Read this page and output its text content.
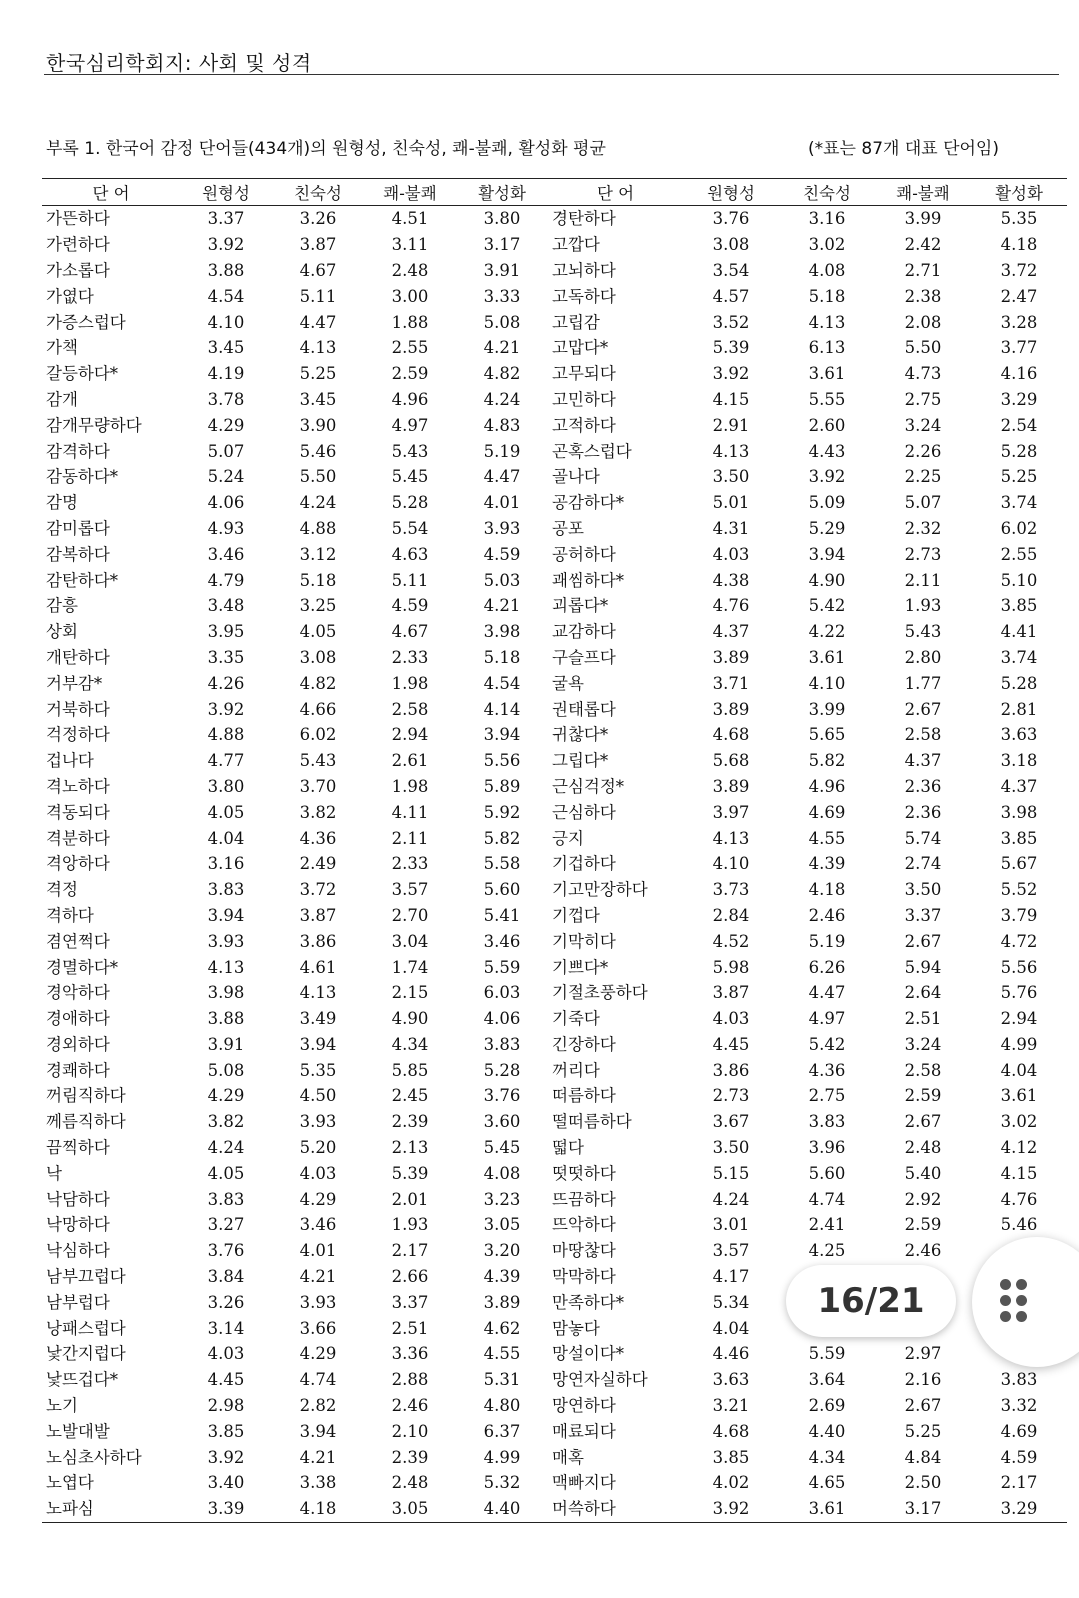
한국심리학회지: 사회 및 성격
부록 1. 한국어 감정 단어들(434개)의 원형성, 친숙성, 쾌-불쾌, 활성화 평균	(*표는 87개 대표 단어임)
단 어	원형성	친숙성	쾌-불쾌	활성화	단 어	원형성	친숙성	쾌-불쾌	활성화
가뜬하다	3.37	3.26	4.51	3.80	경탄하다	3.76	3.16	3.99	5.35
가련하다	3.92	3.87	3.11	3.17	고깝다	3.08	3.02	2.42	4.18
가소롭다	3.88	4.67	2.48	3.91	고뇌하다	3.54	4.08	2.71	3.72
가엾다	4.54	5.11	3.00	3.33	고독하다	4.57	5.18	2.38	2.47
가증스럽다	4.10	4.47	1.88	5.08	고립감	3.52	4.13	2.08	3.28
가책	3.45	4.13	2.55	4.21	고맙다*	5.39	6.13	5.50	3.77
갈등하다*	4.19	5.25	2.59	4.82	고무되다	3.92	3.61	4.73	4.16
감개	3.78	3.45	4.96	4.24	고민하다	4.15	5.55	2.75	3.29
감개무량하다	4.29	3.90	4.97	4.83	고적하다	2.91	2.60	3.24	2.54
감격하다	5.07	5.46	5.43	5.19	곤혹스럽다	4.13	4.43	2.26	5.28
감동하다*	5.24	5.50	5.45	4.47	골나다	3.50	3.92	2.25	5.25
감명	4.06	4.24	5.28	4.01	공감하다*	5.01	5.09	5.07	3.74
감미롭다	4.93	4.88	5.54	3.93	공포	4.31	5.29	2.32	6.02
감복하다	3.46	3.12	4.63	4.59	공허하다	4.03	3.94	2.73	2.55
감탄하다*	4.79	5.18	5.11	5.03	괘씸하다*	4.38	4.90	2.11	5.10
감흥	3.48	3.25	4.59	4.21	괴롭다*	4.76	5.42	1.93	3.85
상회	3.95	4.05	4.67	3.98	교감하다	4.37	4.22	5.43	4.41
개탄하다	3.35	3.08	2.33	5.18	구슬프다	3.89	3.61	2.80	3.74
거부감*	4.26	4.82	1.98	4.54	굴욕	3.71	4.10	1.77	5.28
거북하다	3.92	4.66	2.58	4.14	권태롭다	3.89	3.99	2.67	2.81
걱정하다	4.88	6.02	2.94	3.94	귀찮다*	4.68	5.65	2.58	3.63
겁나다	4.77	5.43	2.61	5.56	그립다*	5.68	5.82	4.37	3.18
격노하다	3.80	3.70	1.98	5.89	근심걱정*	3.89	4.96	2.36	4.37
격동되다	4.05	3.82	4.11	5.92	근심하다	3.97	4.69	2.36	3.98
격분하다	4.04	4.36	2.11	5.82	긍지	4.13	4.55	5.74	3.85
격앙하다	3.16	2.49	2.33	5.58	기겁하다	4.10	4.39	2.74	5.67
격정	3.83	3.72	3.57	5.60	기고만장하다	3.73	4.18	3.50	5.52
격하다	3.94	3.87	2.70	5.41	기껍다	2.84	2.46	3.37	3.79
겸연쩍다	3.93	3.86	3.04	3.46	기막히다	4.52	5.19	2.67	4.72
경멸하다*	4.13	4.61	1.74	5.59	기쁘다*	5.98	6.26	5.94	5.56
경악하다	3.98	4.13	2.15	6.03	기절초풍하다	3.87	4.47	2.64	5.76
경애하다	3.88	3.49	4.90	4.06	기죽다	4.03	4.97	2.51	2.94
경외하다	3.91	3.94	4.34	3.83	긴장하다	4.45	5.42	3.24	4.99
경쾌하다	5.08	5.35	5.85	5.28	꺼리다	3.86	4.36	2.58	4.04
꺼림직하다	4.29	4.50	2.45	3.76	떠름하다	2.73	2.75	2.59	3.61
께름직하다	3.82	3.93	2.39	3.60	떨떠름하다	3.67	3.83	2.67	3.02
끔찍하다	4.24	5.20	2.13	5.45	떫다	3.50	3.96	2.48	4.12
낙	4.05	4.03	5.39	4.08	떳떳하다	5.15	5.60	5.40	4.15
낙담하다	3.83	4.29	2.01	3.23	뜨끔하다	4.24	4.74	2.92	4.76
낙망하다	3.27	3.46	1.93	3.05	뜨악하다	3.01	2.41	2.59	5.46
낙심하다	3.76	4.01	2.17	3.20	마땅찮다	3.57	4.25	2.46	
남부끄럽다	3.84	4.21	2.66	4.39	막막하다	4.17			
남부럽다	3.26	3.93	3.37	3.89	만족하다*	5.34			
낭패스럽다	3.14	3.66	2.51	4.62	맘놓다	4.04			
낯간지럽다	4.03	4.29	3.36	4.55	망설이다*	4.46	5.59	2.97	
낯뜨겁다*	4.45	4.74	2.88	5.31	망연자실하다	3.63	3.64	2.16	3.83
노기	2.98	2.82	2.46	4.80	망연하다	3.21	2.69	2.67	3.32
노발대발	3.85	3.94	2.10	6.37	매료되다	4.68	4.40	5.25	4.69
노심초사하다	3.92	4.21	2.39	4.99	매혹	3.85	4.34	4.84	4.59
노엽다	3.40	3.38	2.48	5.32	맥빠지다	4.02	4.65	2.50	2.17
노파심	3.39	4.18	3.05	4.40	머쓱하다	3.92	3.61	3.17	3.29
16/21
